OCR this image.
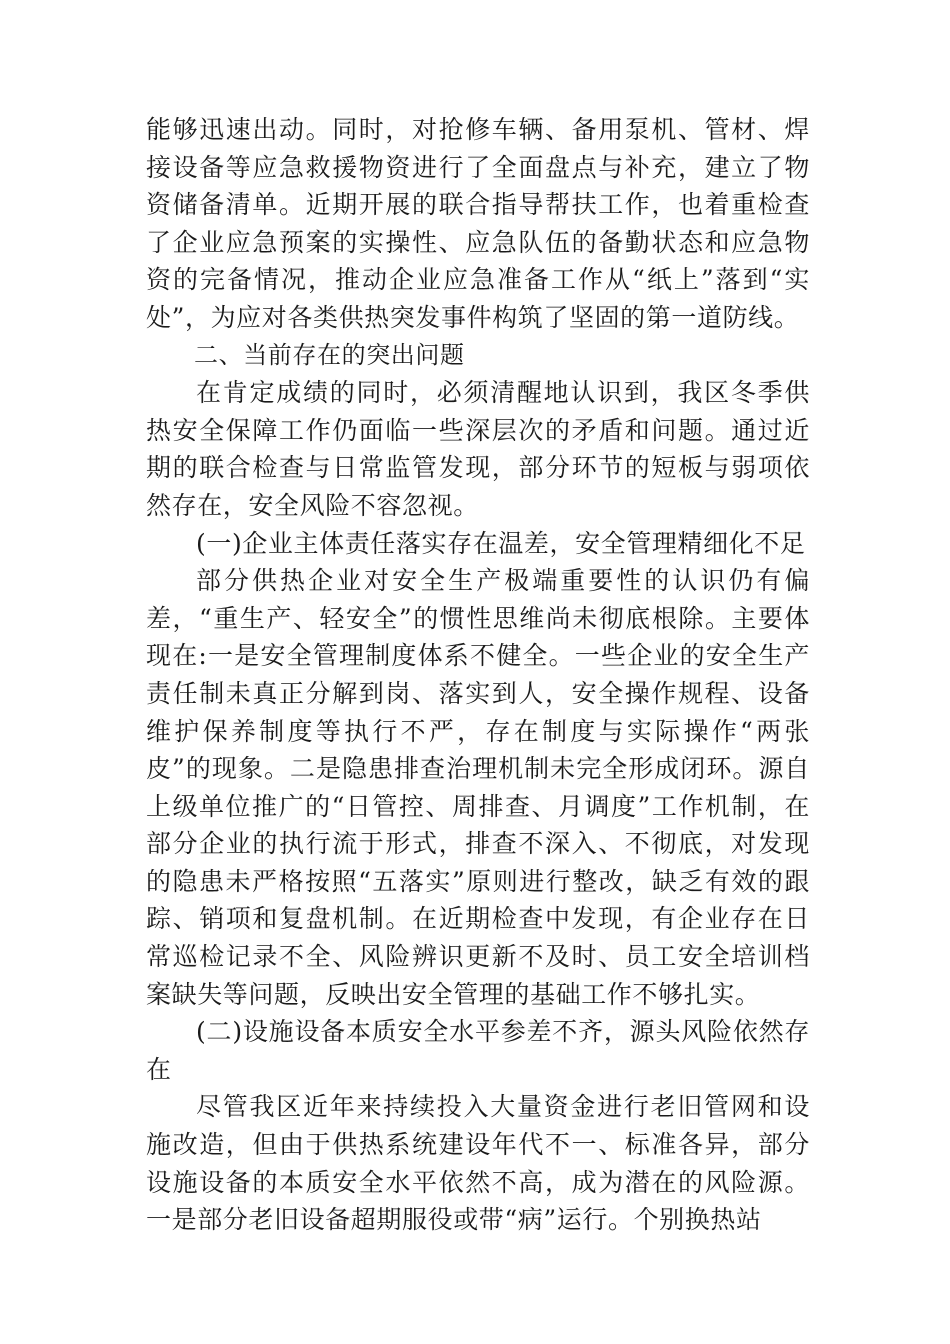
能够迅速出动。同时，对抢修车辆、备用泵机、管材、焊接设备等应急救援物资进行了全面盘点与补充，建立了物资储备清单。近期开展的联合指导帮扶工作，也着重检查了企业应急预案的实操性、应急队伍的备勤状态和应急物资的完备情况，推动企业应急准备工作从“纸上”落到“实处”，为应对各类供热突发事件构筑了坚固的第一道防线。

二、当前存在的突出问题

在肯定成绩的同时，必须清醒地认识到，我区冬季供热安全保障工作仍面临一些深层次的矛盾和问题。通过近期的联合检查与日常监管发现，部分环节的短板与弱项依然存在，安全风险不容忽视。

(一)企业主体责任落实存在温差，安全管理精细化不足

部分供热企业对安全生产极端重要性的认识仍有偏差，“重生产、轻安全”的惯性思维尚未彻底根除。主要体现在:一是安全管理制度体系不健全。一些企业的安全生产责任制未真正分解到岗、落实到人，安全操作规程、设备维护保养制度等执行不严，存在制度与实际操作“两张皮”的现象。二是隐患排查治理机制未完全形成闭环。源自上级单位推广的“日管控、周排查、月调度”工作机制，在部分企业的执行流于形式，排查不深入、不彻底，对发现的隐患未严格按照“五落实”原则进行整改，缺乏有效的跟踪、销项和复盘机制。在近期检查中发现，有企业存在日常巡检记录不全、风险辨识更新不及时、员工安全培训档案缺失等问题，反映出安全管理的基础工作不够扎实。

(二)设施设备本质安全水平参差不齐，源头风险依然存在

尽管我区近年来持续投入大量资金进行老旧管网和设施改造，但由于供热系统建设年代不一、标准各异，部分设施设备的本质安全水平依然不高，成为潜在的风险源。一是部分老旧设备超期服役或带“病”运行。个别换热站
